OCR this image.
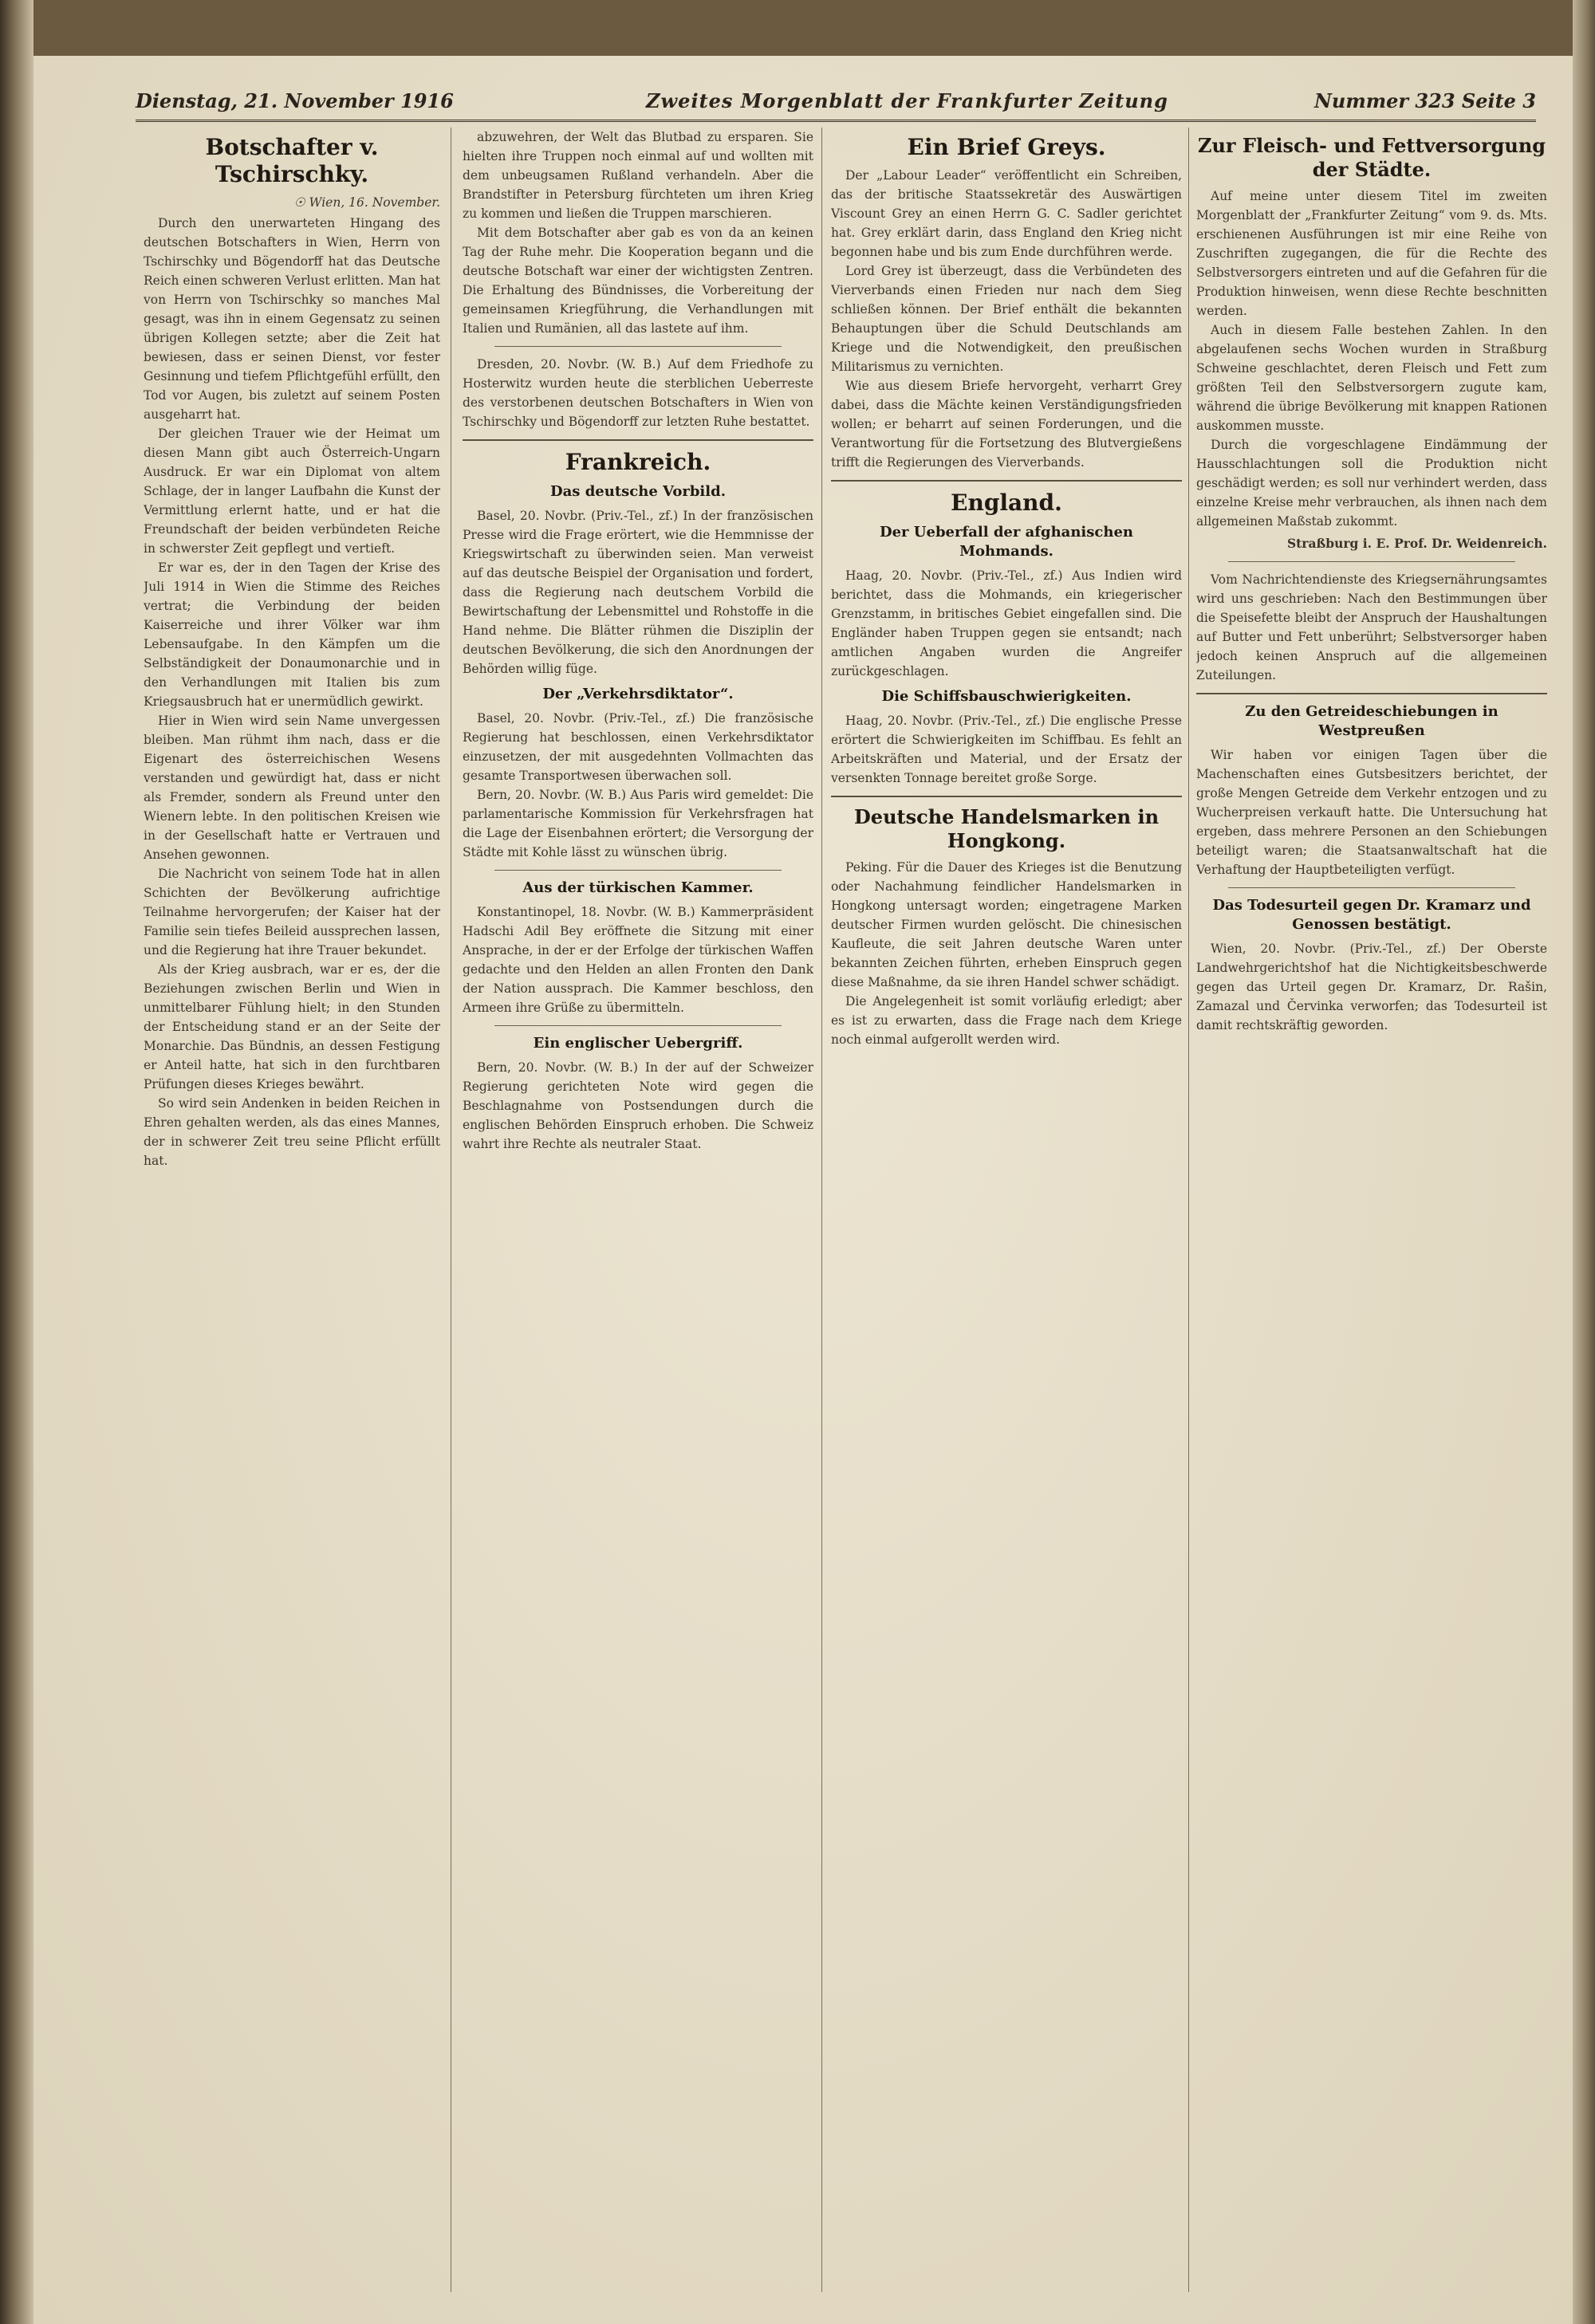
Dienstag, 21. November 1916	Zweites Morgenblatt der Frankfurter Zeitung	Nummer 323 Seite 3
Botschafter v. Tschirschky.
☉ Wien, 16. November.

Durch den unerwarteten Hingang des deutschen Botschafters in Wien, Herrn von Tschirschky und Bögendorff hat das Deutsche Reich einen schweren Verlust erlitten. Man hat von Herrn von Tschirschky so manches Mal gesagt, was ihn in einem Gegensatz zu seinen übrigen Kollegen setzte; aber die Zeit hat bewiesen, dass er seinen Dienst, vor fester Gesinnung und tiefem Pflichtgefühl erfüllt, den Tod vor Augen, bis zuletzt auf seinem Posten ausgeharrt hat.

Der gleichen Trauer wie der Heimat um diesen Mann gibt auch Österreich-Ungarn Ausdruck. Er war ein Diplomat von altem Schlage, der in langer Laufbahn die Kunst der Vermittlung erlernt hatte, und er hat die Freundschaft der beiden verbündeten Reiche in schwerster Zeit gepflegt und vertieft.

Er war es, der in den Tagen der Krise des Juli 1914 in Wien die Stimme des Reiches vertrat; die Verbindung der beiden Kaiserreiche und ihrer Völker war ihm Lebensaufgabe. In den Kämpfen um die Selbständigkeit der Donaumonarchie und in den Verhandlungen mit Italien bis zum Kriegsausbruch hat er unermüdlich gewirkt.

Hier in Wien wird sein Name unvergessen bleiben. Man rühmt ihm nach, dass er die Eigenart des österreichischen Wesens verstanden und gewürdigt hat, dass er nicht als Fremder, sondern als Freund unter den Wienern lebte. In den politischen Kreisen wie in der Gesellschaft hatte er Vertrauen und Ansehen gewonnen.

Die Nachricht von seinem Tode hat in allen Schichten der Bevölkerung aufrichtige Teilnahme hervorgerufen; der Kaiser hat der Familie sein tiefes Beileid aussprechen lassen, und die Regierung hat ihre Trauer bekundet.

Als der Krieg ausbrach, war er es, der die Beziehungen zwischen Berlin und Wien in unmittelbarer Fühlung hielt; in den Stunden der Entscheidung stand er an der Seite der Monarchie. Das Bündnis, an dessen Festigung er Anteil hatte, hat sich in den furchtbaren Prüfungen dieses Krieges bewährt.

So wird sein Andenken in beiden Reichen in Ehren gehalten werden, als das eines Mannes, der in schwerer Zeit treu seine Pflicht erfüllt hat.

abzuwehren, der Welt das Blutbad zu ersparen. Sie hielten ihre Truppen noch einmal auf und wollten mit dem unbeugsamen Rußland verhandeln. Aber die Brandstifter in Petersburg fürchteten um ihren Krieg zu kommen und ließen die Truppen marschieren.

Mit dem Botschafter aber gab es von da an keinen Tag der Ruhe mehr. Die Kooperation begann und die deutsche Botschaft war einer der wichtigsten Zentren. Die Erhaltung des Bündnisses, die Vorbereitung der gemeinsamen Kriegführung, die Verhandlungen mit Italien und Rumänien, all das lastete auf ihm.

Dresden, 20. Novbr. (W. B.) Auf dem Friedhofe zu Hosterwitz wurden heute die sterblichen Ueberreste des verstorbenen deutschen Botschafters in Wien von Tschirschky und Bögendorff zur letzten Ruhe bestattet.

Frankreich.
Das deutsche Vorbild.

Basel, 20. Novbr. (Priv.-Tel., zf.) In der französischen Presse wird die Frage erörtert, wie die Hemmnisse der Kriegswirtschaft zu überwinden seien. Man verweist auf das deutsche Beispiel der Organisation und fordert, dass die Regierung nach deutschem Vorbild die Bewirtschaftung der Lebensmittel und Rohstoffe in die Hand nehme. Die Blätter rühmen die Disziplin der deutschen Bevölkerung, die sich den Anordnungen der Behörden willig füge.

Der „Verkehrsdiktator“.

Basel, 20. Novbr. (Priv.-Tel., zf.) Die französische Regierung hat beschlossen, einen Verkehrsdiktator einzusetzen, der mit ausgedehnten Vollmachten das gesamte Transportwesen überwachen soll.

Bern, 20. Novbr. (W. B.) Aus Paris wird gemeldet: Die parlamentarische Kommission für Verkehrsfragen hat die Lage der Eisenbahnen erörtert; die Versorgung der Städte mit Kohle lässt zu wünschen übrig.

Aus der türkischen Kammer.

Konstantinopel, 18. Novbr. (W. B.) Kammerpräsident Hadschi Adil Bey eröffnete die Sitzung mit einer Ansprache, in der er der Erfolge der türkischen Waffen gedachte und den Helden an allen Fronten den Dank der Nation aussprach. Die Kammer beschloss, den Armeen ihre Grüße zu übermitteln.

Ein englischer Uebergriff.

Bern, 20. Novbr. (W. B.) In der auf der Schweizer Regierung gerichteten Note wird gegen die Beschlagnahme von Postsendungen durch die englischen Behörden Einspruch erhoben. Die Schweiz wahrt ihre Rechte als neutraler Staat.

Ein Brief Greys.

Der „Labour Leader“ veröffentlicht ein Schreiben, das der britische Staatssekretär des Auswärtigen Viscount Grey an einen Herrn G. C. Sadler gerichtet hat. Grey erklärt darin, dass England den Krieg nicht begonnen habe und bis zum Ende durchführen werde.

Lord Grey ist überzeugt, dass die Verbündeten des Vierverbands einen Frieden nur nach dem Sieg schließen können. Der Brief enthält die bekannten Behauptungen über die Schuld Deutschlands am Kriege und die Notwendigkeit, den preußischen Militarismus zu vernichten.

Wie aus diesem Briefe hervorgeht, verharrt Grey dabei, dass die Mächte keinen Verständigungsfrieden wollen; er beharrt auf seinen Forderungen, und die Verantwortung für die Fortsetzung des Blutvergießens trifft die Regierungen des Vierverbands.

England.
Der Ueberfall der afghanischen Mohmands.

Haag, 20. Novbr. (Priv.-Tel., zf.) Aus Indien wird berichtet, dass die Mohmands, ein kriegerischer Grenzstamm, in britisches Gebiet eingefallen sind. Die Engländer haben Truppen gegen sie entsandt; nach amtlichen Angaben wurden die Angreifer zurückgeschlagen.

Die Schiffsbauschwierigkeiten.

Haag, 20. Novbr. (Priv.-Tel., zf.) Die englische Presse erörtert die Schwierigkeiten im Schiffbau. Es fehlt an Arbeitskräften und Material, und der Ersatz der versenkten Tonnage bereitet große Sorge.

Deutsche Handelsmarken in Hongkong.

Peking. Für die Dauer des Krieges ist die Benutzung oder Nachahmung feindlicher Handelsmarken in Hongkong untersagt worden; eingetragene Marken deutscher Firmen wurden gelöscht. Die chinesischen Kaufleute, die seit Jahren deutsche Waren unter bekannten Zeichen führten, erheben Einspruch gegen diese Maßnahme, da sie ihren Handel schwer schädigt.

Die Angelegenheit ist somit vorläufig erledigt; aber es ist zu erwarten, dass die Frage nach dem Kriege noch einmal aufgerollt werden wird.

Zur Fleisch- und Fettversorgung der Städte.

Auf meine unter diesem Titel im zweiten Morgenblatt der „Frankfurter Zeitung“ vom 9. ds. Mts. erschienenen Ausführungen ist mir eine Reihe von Zuschriften zugegangen, die für die Rechte des Selbstversorgers eintreten und auf die Gefahren für die Produktion hinweisen, wenn diese Rechte beschnitten werden.

Auch in diesem Falle bestehen Zahlen. In den abgelaufenen sechs Wochen wurden in Straßburg Schweine geschlachtet, deren Fleisch und Fett zum größten Teil den Selbstversorgern zugute kam, während die übrige Bevölkerung mit knappen Rationen auskommen musste.

Durch die vorgeschlagene Eindämmung der Hausschlachtungen soll die Produktion nicht geschädigt werden; es soll nur verhindert werden, dass einzelne Kreise mehr verbrauchen, als ihnen nach dem allgemeinen Maßstab zukommt.

Straßburg i. E. Prof. Dr. Weidenreich.

Vom Nachrichtendienste des Kriegsernährungsamtes wird uns geschrieben: Nach den Bestimmungen über die Speisefette bleibt der Anspruch der Haushaltungen auf Butter und Fett unberührt; Selbstversorger haben jedoch keinen Anspruch auf die allgemeinen Zuteilungen.

Zu den Getreideschiebungen in Westpreußen

Wir haben vor einigen Tagen über die Machenschaften eines Gutsbesitzers berichtet, der große Mengen Getreide dem Verkehr entzogen und zu Wucherpreisen verkauft hatte. Die Untersuchung hat ergeben, dass mehrere Personen an den Schiebungen beteiligt waren; die Staatsanwaltschaft hat die Verhaftung der Hauptbeteiligten verfügt.

Das Todesurteil gegen Dr. Kramarz und Genossen bestätigt.

Wien, 20. Novbr. (Priv.-Tel., zf.) Der Oberste Landwehrgerichtshof hat die Nichtigkeitsbeschwerde gegen das Urteil gegen Dr. Kramarz, Dr. Rašin, Zamazal und Červinka verworfen; das Todesurteil ist damit rechtskräftig geworden.
